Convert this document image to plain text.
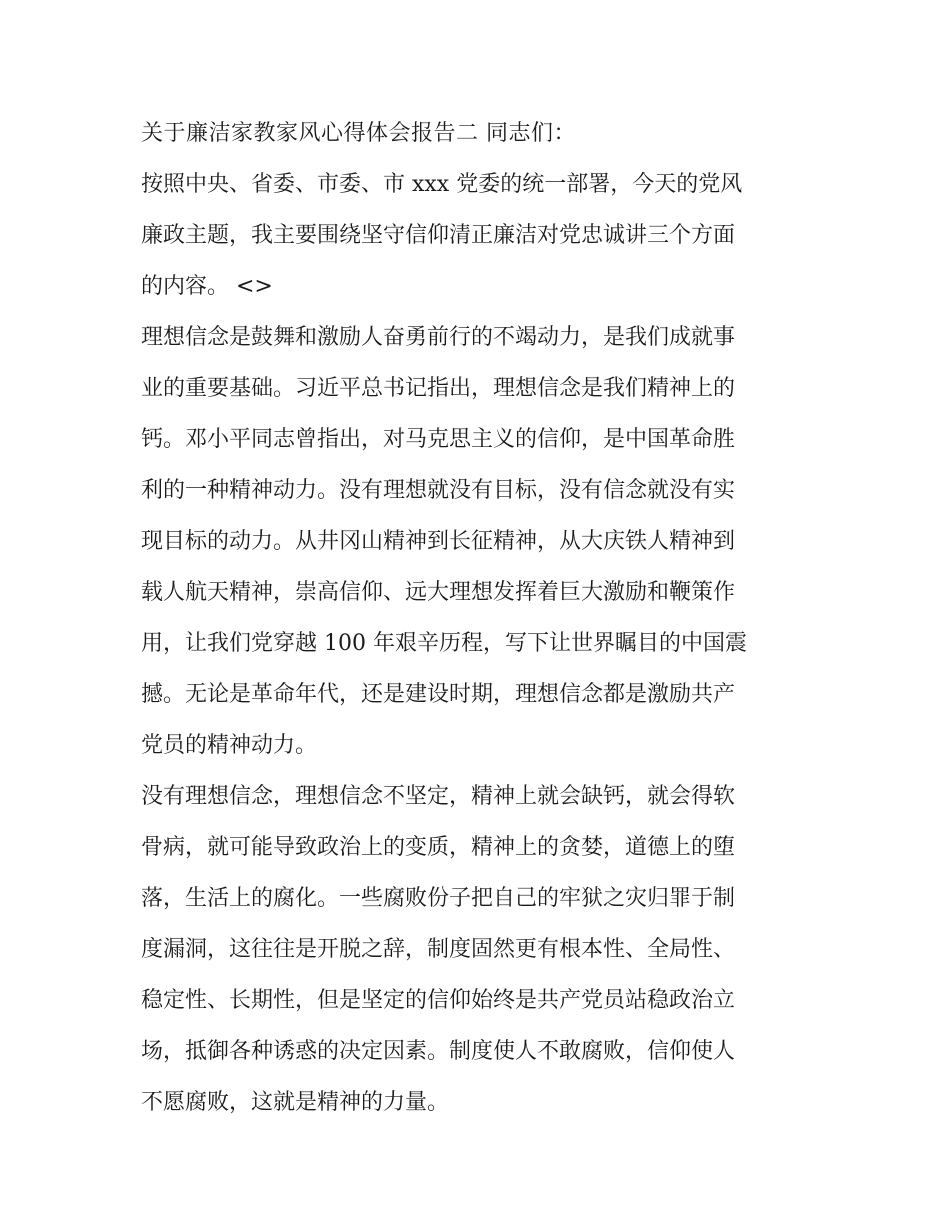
关于廉洁家教家风心得体会报告二 同志们：
按照中央、省委、市委、市 xxx 党委的统一部署，今天的党风
廉政主题，我主要围绕坚守信仰清正廉洁对党忠诚讲三个方面
的内容。 <>
理想信念是鼓舞和激励人奋勇前行的不竭动力，是我们成就事
业的重要基础。习近平总书记指出，理想信念是我们精神上的
钙。邓小平同志曾指出，对马克思主义的信仰，是中国革命胜
利的一种精神动力。没有理想就没有目标，没有信念就没有实
现目标的动力。从井冈山精神到长征精神，从大庆铁人精神到
载人航天精神，崇高信仰、远大理想发挥着巨大激励和鞭策作
用，让我们党穿越 100 年艰辛历程，写下让世界瞩目的中国震
撼。无论是革命年代，还是建设时期，理想信念都是激励共产
党员的精神动力。
没有理想信念，理想信念不坚定，精神上就会缺钙，就会得软
骨病，就可能导致政治上的变质，精神上的贪婪，道德上的堕
落，生活上的腐化。一些腐败份子把自己的牢狱之灾归罪于制
度漏洞，这往往是开脱之辞，制度固然更有根本性、全局性、
稳定性、长期性，但是坚定的信仰始终是共产党员站稳政治立
场，抵御各种诱惑的决定因素。制度使人不敢腐败，信仰使人
不愿腐败，这就是精神的力量。
